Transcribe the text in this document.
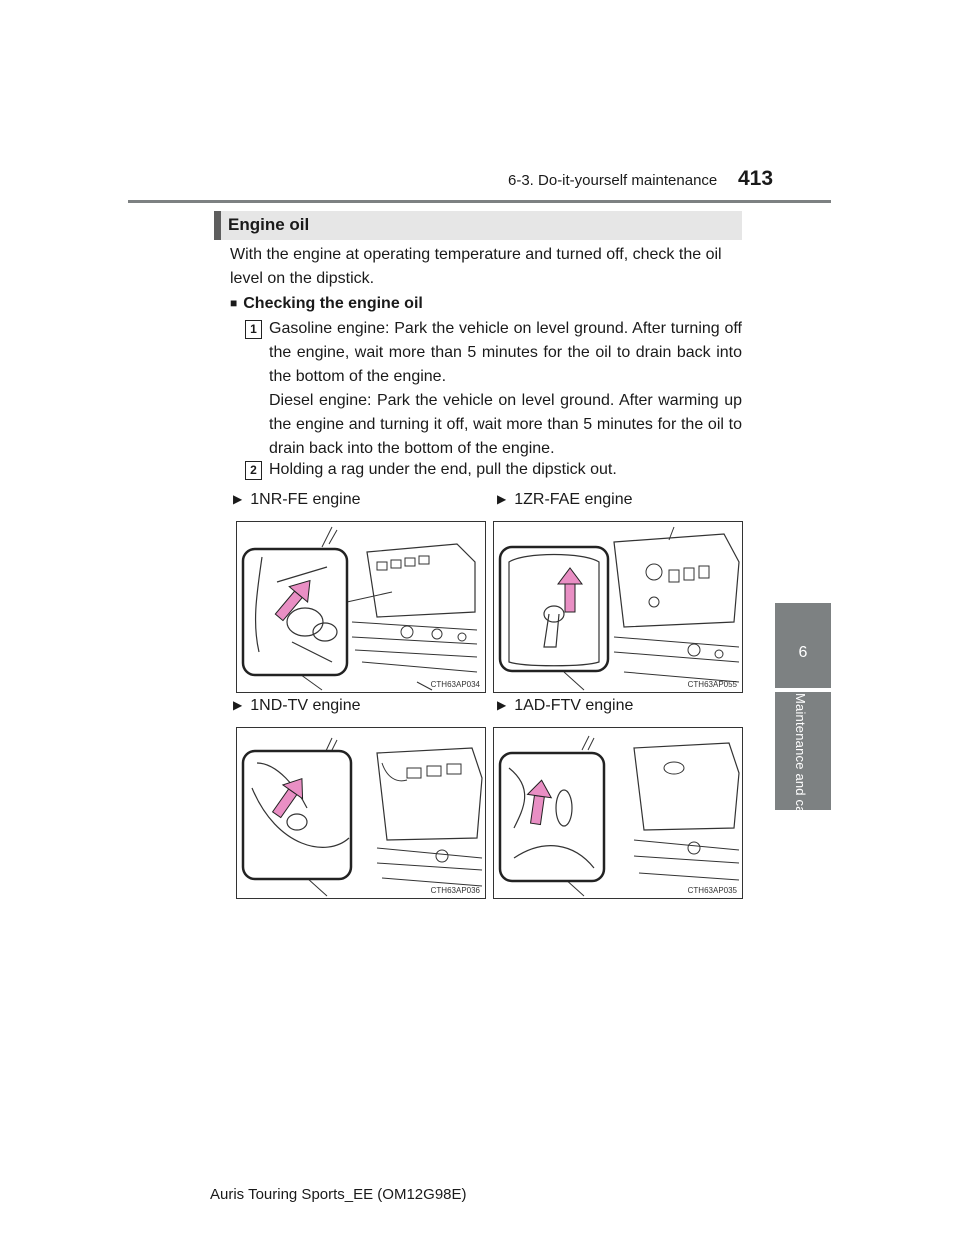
6-3. Do-it-yourself maintenance 413
6
Maintenance and care
Engine oil
With the engine at operating temperature and turned off, check the oil level on the dipstick.
■ Checking the engine oil
1 Gasoline engine: Park the vehicle on level ground. After turning off the engine, wait more than 5 minutes for the oil to drain back into the bottom of the engine.
Diesel engine: Park the vehicle on level ground. After warming up the engine and turning it off, wait more than 5 minutes for the oil to drain back into the bottom of the engine.
2 Holding a rag under the end, pull the dipstick out.
▶ 1NR-FE engine	▶ 1ZR-FAE engine
▶ 1ND-TV engine	▶ 1AD-FTV engine
CTH63AP034	CTH63AP055
CTH63AP036	CTH63AP035
Auris Touring Sports_EE (OM12G98E)
